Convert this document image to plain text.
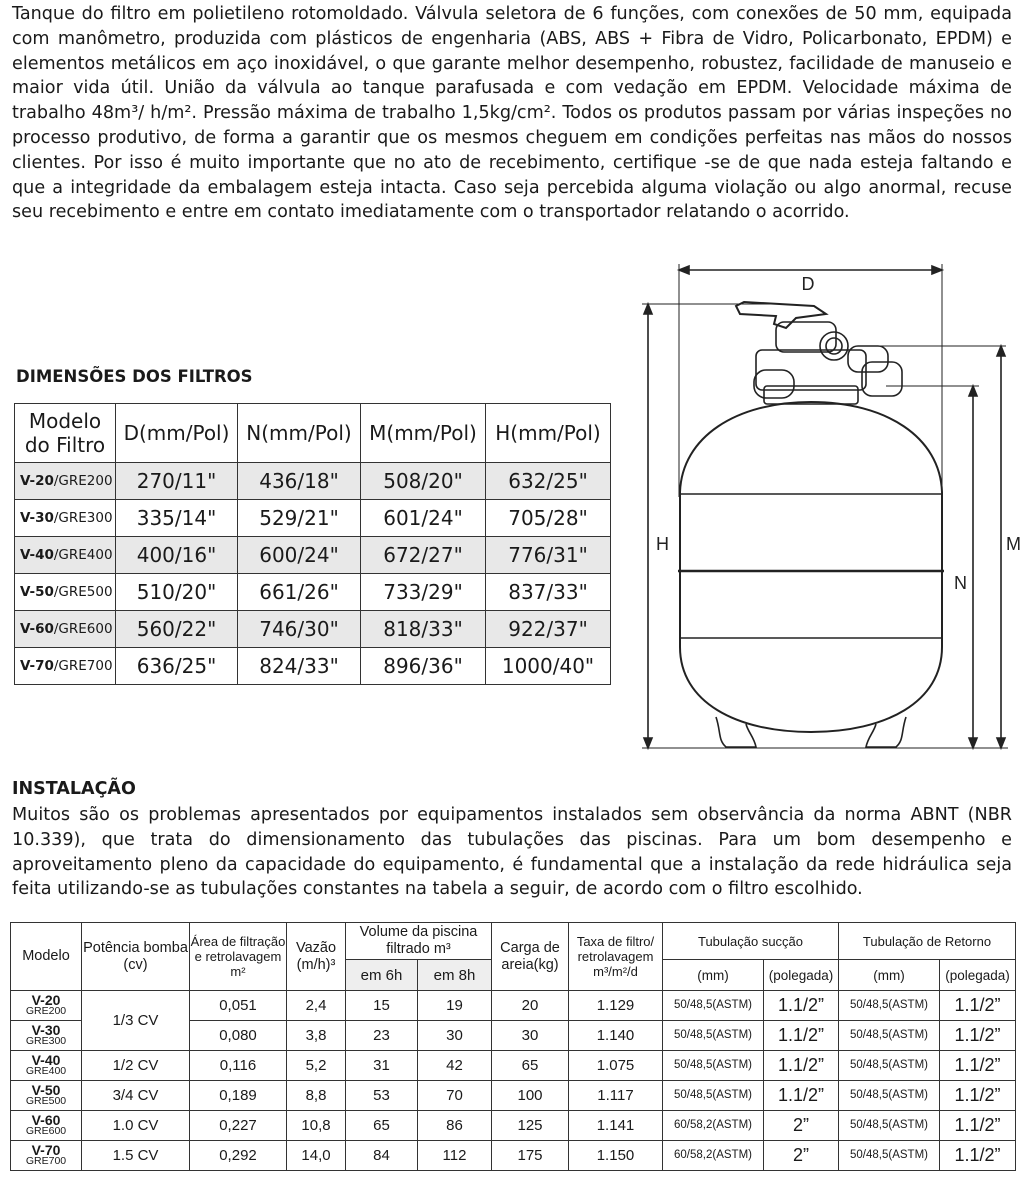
Tanque do filtro em polietileno rotomoldado. Válvula seletora de 6 funções, com conexões de 50 mm, equipada com manômetro, produzida com plásticos de engenharia (ABS, ABS + Fibra de Vidro, Policarbonato, EPDM) e elementos metálicos em aço inoxidável, o que garante melhor desempenho, robustez, facilidade de manuseio e maior vida útil. União da válvula ao tanque parafusada e com vedação em EPDM. Velocidade máxima de trabalho 48m³/ h/m². Pressão máxima de trabalho 1,5kg/cm². Todos os produtos passam por várias inspeções no processo produtivo, de forma a garantir que os mesmos cheguem em condições perfeitas nas mãos do nossos clientes. Por isso é muito importante que no ato de recebimento, certifique -se de que nada esteja faltando e que a integridade da embalagem esteja intacta. Caso seja percebida alguma violação ou algo anormal, recuse seu recebimento e entre em contato imediatamente com o transportador relatando o acorrido.

DIMENSÕES DOS FILTROS
Modelo do Filtro	D(mm/Pol)	N(mm/Pol)	M(mm/Pol)	H(mm/Pol)
V-20/GRE200	270/11"	436/18"	508/20"	632/25"
V-30/GRE300	335/14"	529/21"	601/24"	705/28"
V-40/GRE400	400/16"	600/24"	672/27"	776/31"
V-50/GRE500	510/20"	661/26"	733/29"	837/33"
V-60/GRE600	560/22"	746/30"	818/33"	922/37"
V-70/GRE700	636/25"	824/33"	896/36"	1000/40"
D
H
N
M
INSTALAÇÃO

Muitos são os problemas apresentados por equipamentos instalados sem observância da norma ABNT (NBR 10.339), que trata do dimensionamento das tubulações das piscinas. Para um bom desempenho e aproveitamento pleno da capacidade do equipamento, é fundamental que a instalação da rede hidráulica seja feita utilizando-se as tubulações constantes na tabela a seguir, de acordo com o filtro escolhido.

Modelo	Potência bomba (cv)	Área de filtração e retrolavagem m²	Vazão (m/h)³	Volume da piscina filtrado m³		Carga de areia(kg)	Taxa de filtro/ retrolavagem m³/m²/d	Tubulação sucção		Tubulação de Retorno	
				em 6h	em 8h			(mm)	(polegada)	(mm)	(polegada)

V-20
GRE200	1/3 CV	0,051	2,4	15	19	20	1.129	50/48,5(ASTM)	1.1/2”	50/48,5(ASTM)	1.1/2”

V-30
GRE300		0,080	3,8	23	30	30	1.140	50/48,5(ASTM)	1.1/2”	50/48,5(ASTM)	1.1/2”

V-40
GRE400	1/2 CV	0,116	5,2	31	42	65	1.075	50/48,5(ASTM)	1.1/2”	50/48,5(ASTM)	1.1/2”

V-50
GRE500	3/4 CV	0,189	8,8	53	70	100	1.117	50/48,5(ASTM)	1.1/2”	50/48,5(ASTM)	1.1/2”

V-60
GRE600	1.0 CV	0,227	10,8	65	86	125	1.141	60/58,2(ASTM)	2”	50/48,5(ASTM)	1.1/2”

V-70
GRE700	1.5 CV	0,292	14,0	84	112	175	1.150	60/58,2(ASTM)	2”	50/48,5(ASTM)	1.1/2”
